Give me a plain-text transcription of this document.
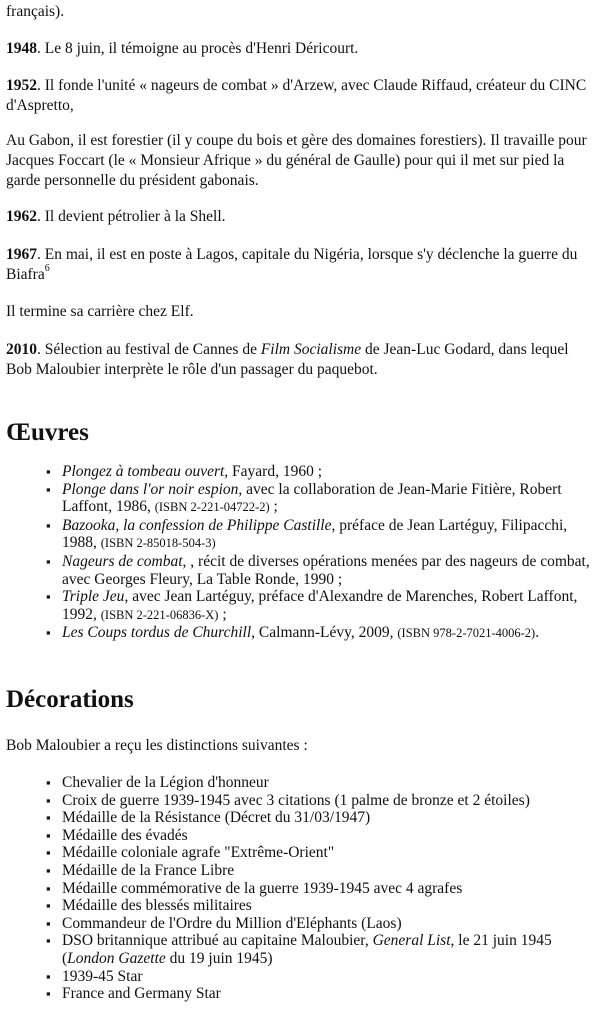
français).

1948. Le 8 juin, il témoigne au procès d'Henri Déricourt.

1952. Il fonde l'unité « nageurs de combat » d'Arzew, avec Claude Riffaud, créateur du CINC d'Aspretto,

Au Gabon, il est forestier (il y coupe du bois et gère des domaines forestiers). Il travaille pour Jacques Foccart (le « Monsieur Afrique » du général de Gaulle) pour qui il met sur pied la garde personnelle du président gabonais.

1962. Il devient pétrolier à la Shell.

1967. En mai, il est en poste à Lagos, capitale du Nigéria, lorsque s'y déclenche la guerre du Biafra$^6$

Il termine sa carrière chez Elf.

2010. Sélection au festival de Cannes de Film Socialisme de Jean-Luc Godard, dans lequel Bob Maloubier interprète le rôle d'un passager du paquebot.

Œuvres
▪ Plongez à tombeau ouvert, Fayard, 1960 ;
▪ Plonge dans l'or noir espion, avec la collaboration de Jean-Marie Fitière, Robert Laffont, 1986, (ISBN 2-221-04722-2) ;
▪ Bazooka, la confession de Philippe Castille, préface de Jean Lartéguy, Filipacchi, 1988, (ISBN 2-85018-504-3)
▪ Nageurs de combat, , récit de diverses opérations menées par des nageurs de combat, avec Georges Fleury, La Table Ronde, 1990 ;
▪ Triple Jeu, avec Jean Lartéguy, préface d'Alexandre de Marenches, Robert Laffont, 1992, (ISBN 2-221-06836-X) ;
▪ Les Coups tordus de Churchill, Calmann-Lévy, 2009, (ISBN 978-2-7021-4006-2).
Décorations

Bob Maloubier a reçu les distinctions suivantes :

▪ Chevalier de la Légion d'honneur
▪ Croix de guerre 1939-1945 avec 3 citations (1 palme de bronze et 2 étoiles)
▪ Médaille de la Résistance (Décret du 31/03/1947)
▪ Médaille des évadés
▪ Médaille coloniale agrafe "Extrême-Orient"
▪ Médaille de la France Libre
▪ Médaille commémorative de la guerre 1939-1945 avec 4 agrafes
▪ Médaille des blessés militaires
▪ Commandeur de l'Ordre du Million d'Eléphants (Laos)
▪ DSO britannique attribué au capitaine Maloubier, General List, le 21 juin 1945 (London Gazette du 19 juin 1945)
▪ 1939-45 Star
▪ France and Germany Star
